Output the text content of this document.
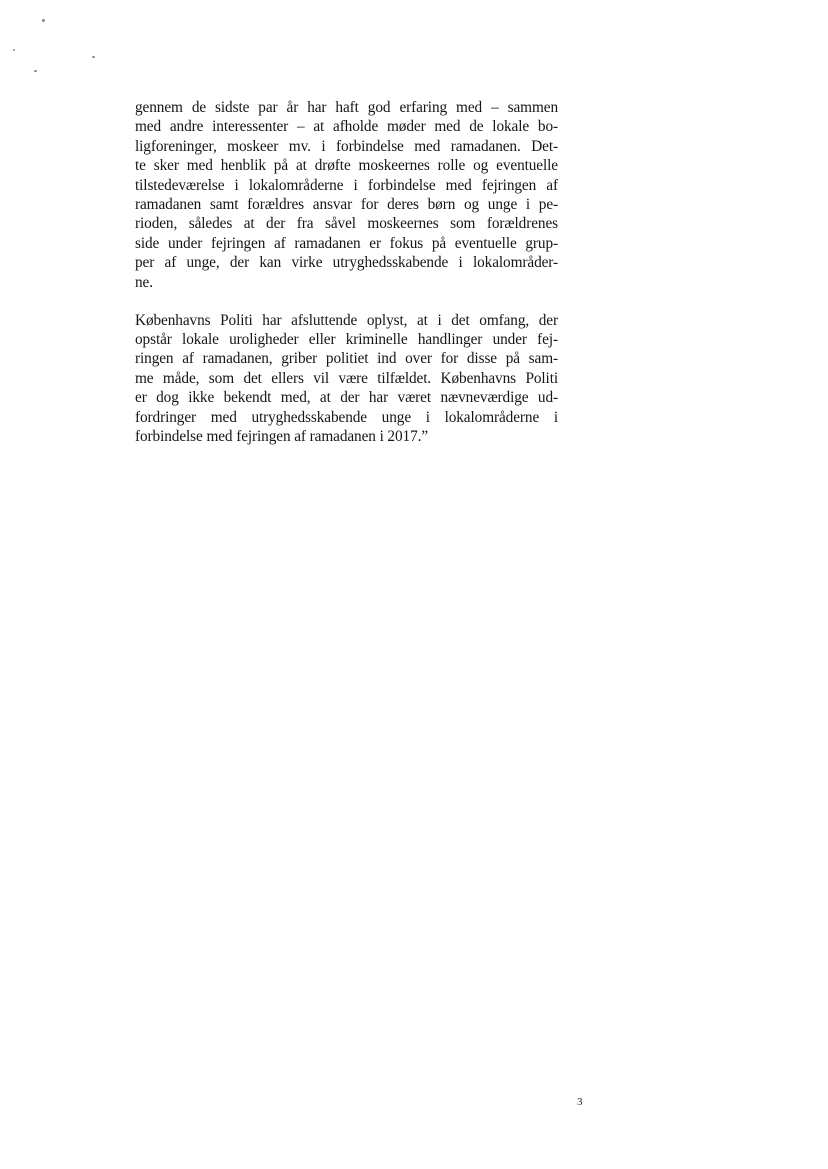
gennem de sidste par år har haft god erfaring med – sammen
med andre interessenter – at afholde møder med de lokale bo-
ligforeninger, moskeer mv. i forbindelse med ramadanen. Det-
te sker med henblik på at drøfte moskeernes rolle og eventuelle
tilstedeværelse i lokalområderne i forbindelse med fejringen af
ramadanen samt forældres ansvar for deres børn og unge i pe-
rioden, således at der fra såvel moskeernes som forældrenes
side under fejringen af ramadanen er fokus på eventuelle grup-
per af unge, der kan virke utryghedsskabende i lokalområder-
ne.

Københavns Politi har afsluttende oplyst, at i det omfang, der
opstår lokale uroligheder eller kriminelle handlinger under fej-
ringen af ramadanen, griber politiet ind over for disse på sam-
me måde, som det ellers vil være tilfældet. Københavns Politi
er dog ikke bekendt med, at der har været nævneværdige ud-
fordringer med utryghedsskabende unge i lokalområderne i
forbindelse med fejringen af ramadanen i 2017.”

3
